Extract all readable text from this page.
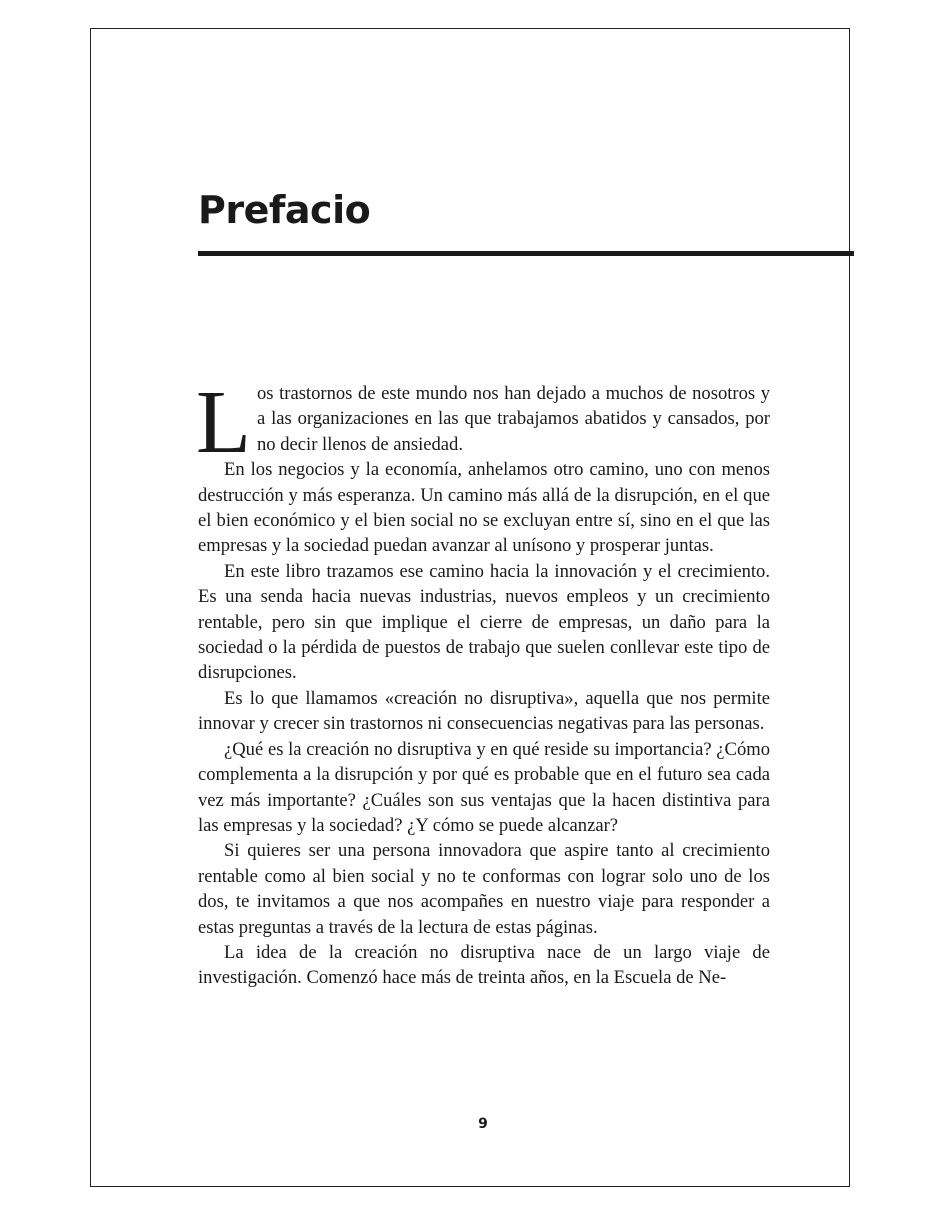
Prefacio

Los trastornos de este mundo nos han dejado a muchos de nosotros y a las organizaciones en las que trabajamos abatidos y cansados, por no decir llenos de ansiedad.

En los negocios y la economía, anhelamos otro camino, uno con menos destrucción y más esperanza. Un camino más allá de la disrupción, en el que el bien económico y el bien social no se excluyan entre sí, sino en el que las empresas y la sociedad puedan avanzar al unísono y prosperar juntas.

En este libro trazamos ese camino hacia la innovación y el crecimiento. Es una senda hacia nuevas industrias, nuevos empleos y un crecimiento rentable, pero sin que implique el cierre de empresas, un daño para la sociedad o la pérdida de puestos de trabajo que suelen conllevar este tipo de disrupciones.

Es lo que llamamos «creación no disruptiva», aquella que nos permite innovar y crecer sin trastornos ni consecuencias negativas para las personas.

¿Qué es la creación no disruptiva y en qué reside su importancia? ¿Cómo complementa a la disrupción y por qué es probable que en el futuro sea cada vez más importante? ¿Cuáles son sus ventajas que la hacen distintiva para las empresas y la sociedad? ¿Y cómo se puede alcanzar?

Si quieres ser una persona innovadora que aspire tanto al crecimiento rentable como al bien social y no te conformas con lograr solo uno de los dos, te invitamos a que nos acompañes en nuestro viaje para responder a estas preguntas a través de la lectura de estas páginas.

La idea de la creación no disruptiva nace de un largo viaje de investigación. Comenzó hace más de treinta años, en la Escuela de Ne-

9
